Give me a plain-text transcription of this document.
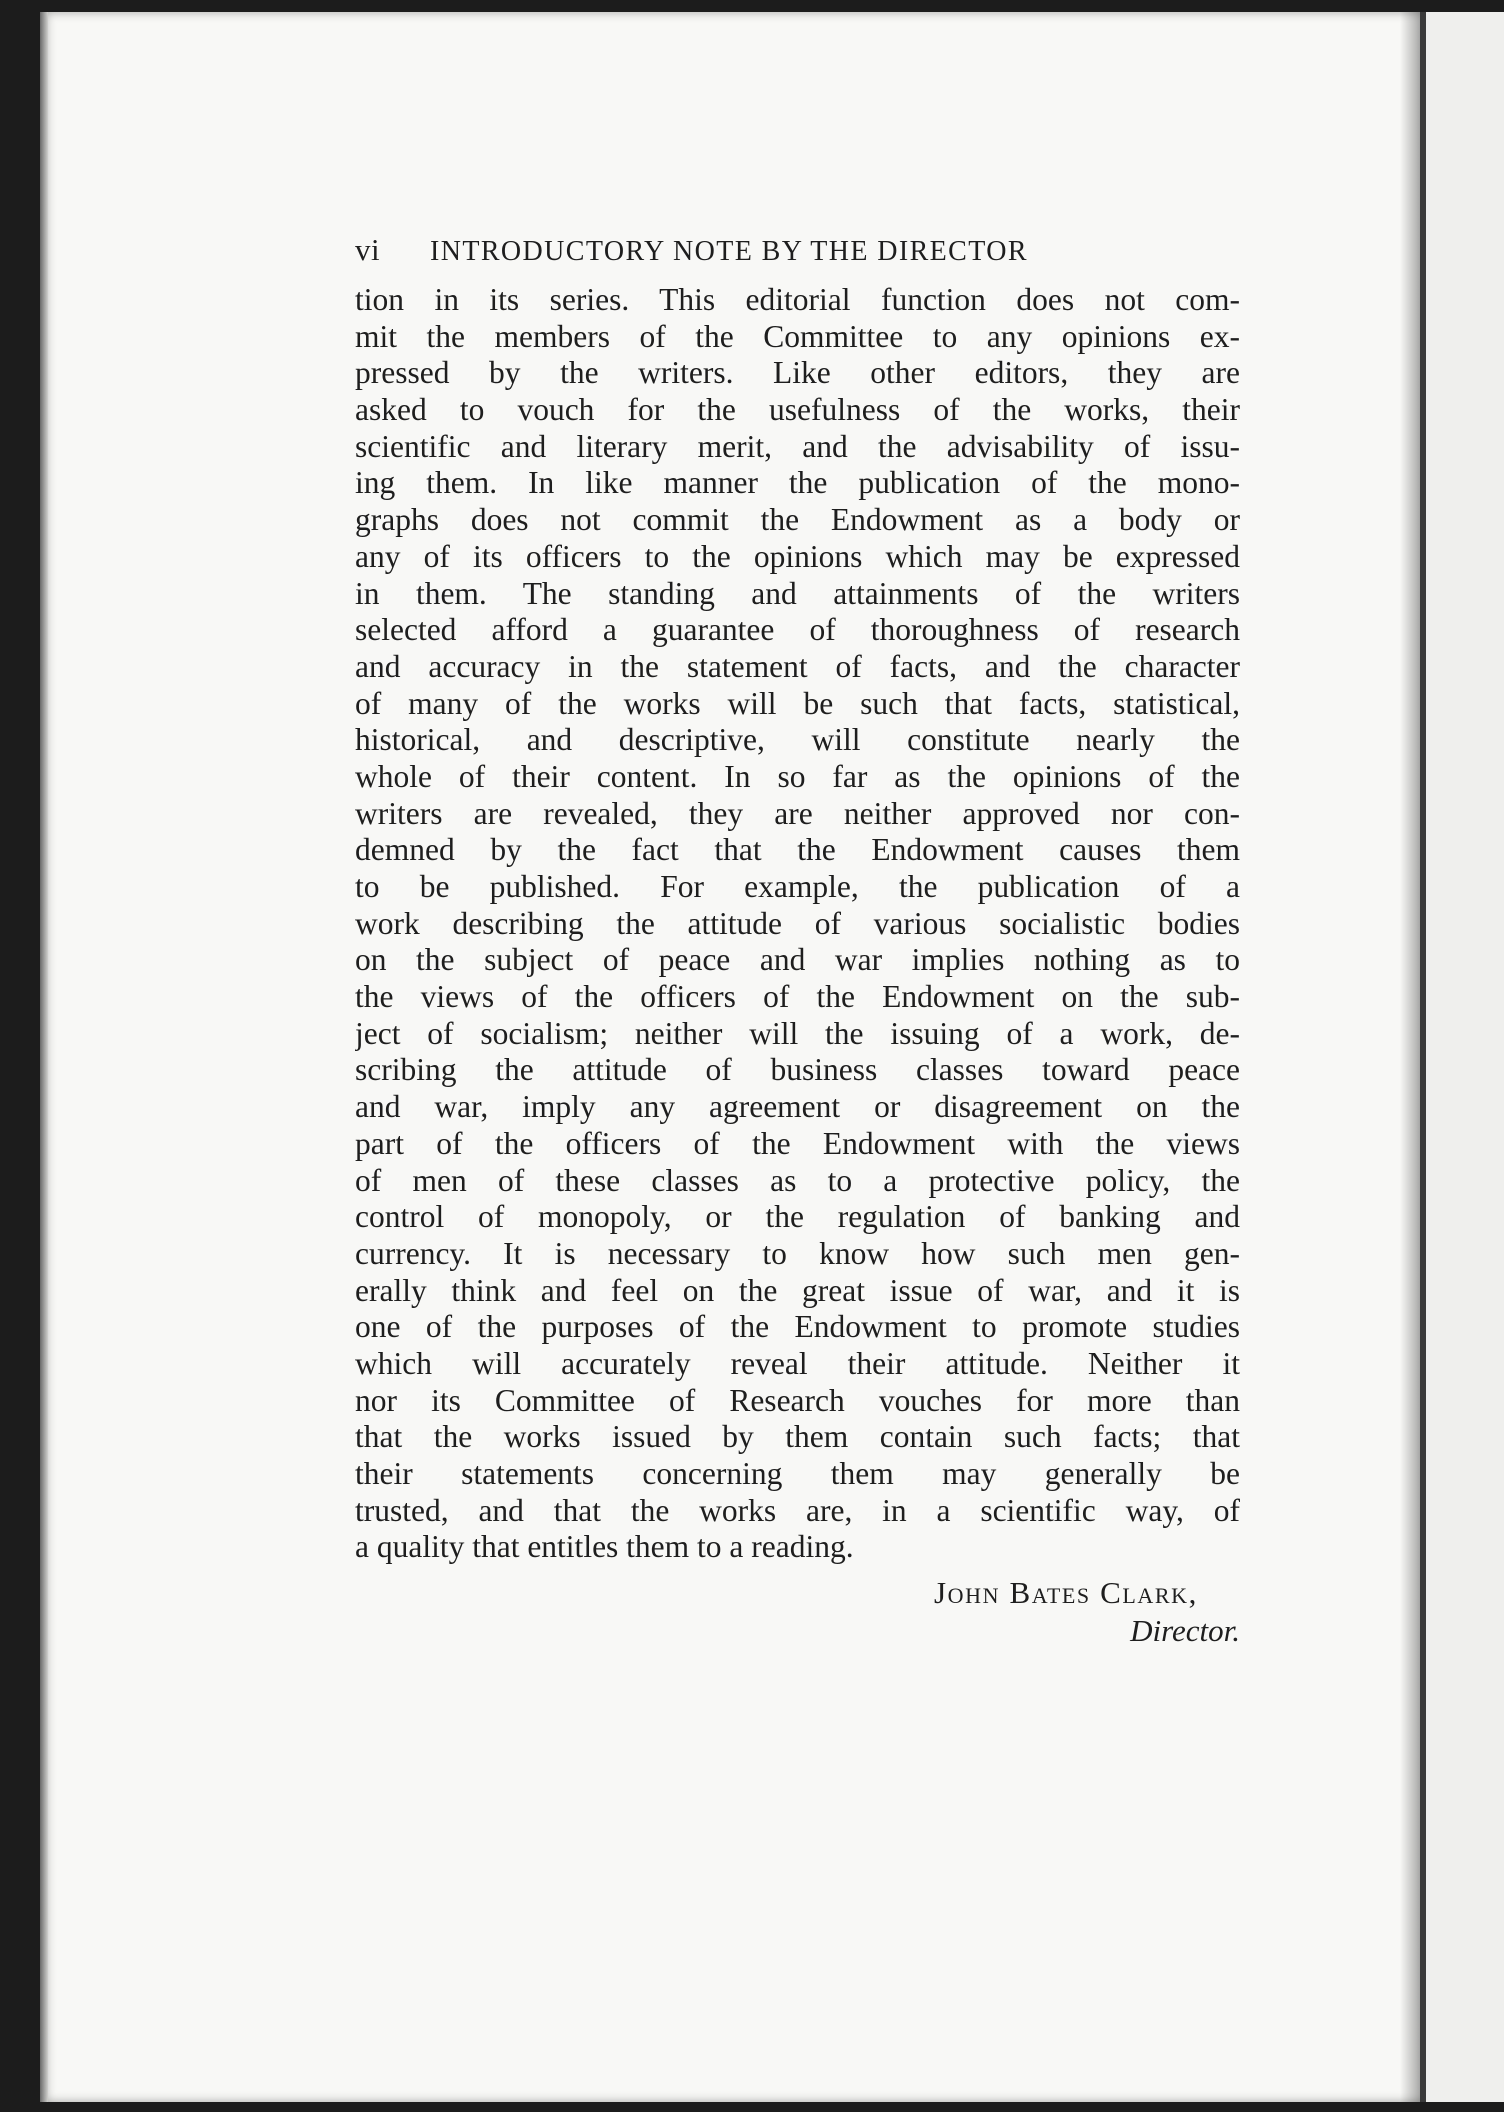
vi	INTRODUCTORY NOTE BY THE DIRECTOR
tion in its series. This editorial function does not com-
mit the members of the Committee to any opinions ex-
pressed by the writers. Like other editors, they are
asked to vouch for the usefulness of the works, their
scientific and literary merit, and the advisability of issu-
ing them. In like manner the publication of the mono-
graphs does not commit the Endowment as a body or
any of its officers to the opinions which may be expressed
in them. The standing and attainments of the writers
selected afford a guarantee of thoroughness of research
and accuracy in the statement of facts, and the character
of many of the works will be such that facts, statistical,
historical, and descriptive, will constitute nearly the
whole of their content. In so far as the opinions of the
writers are revealed, they are neither approved nor con-
demned by the fact that the Endowment causes them
to be published. For example, the publication of a
work describing the attitude of various socialistic bodies
on the subject of peace and war implies nothing as to
the views of the officers of the Endowment on the sub-
ject of socialism; neither will the issuing of a work, de-
scribing the attitude of business classes toward peace
and war, imply any agreement or disagreement on the
part of the officers of the Endowment with the views
of men of these classes as to a protective policy, the
control of monopoly, or the regulation of banking and
currency. It is necessary to know how such men gen-
erally think and feel on the great issue of war, and it is
one of the purposes of the Endowment to promote studies
which will accurately reveal their attitude. Neither it
nor its Committee of Research vouches for more than
that the works issued by them contain such facts; that
their statements concerning them may generally be
trusted, and that the works are, in a scientific way, of
a quality that entitles them to a reading.
John Bates Clark,
Director.
